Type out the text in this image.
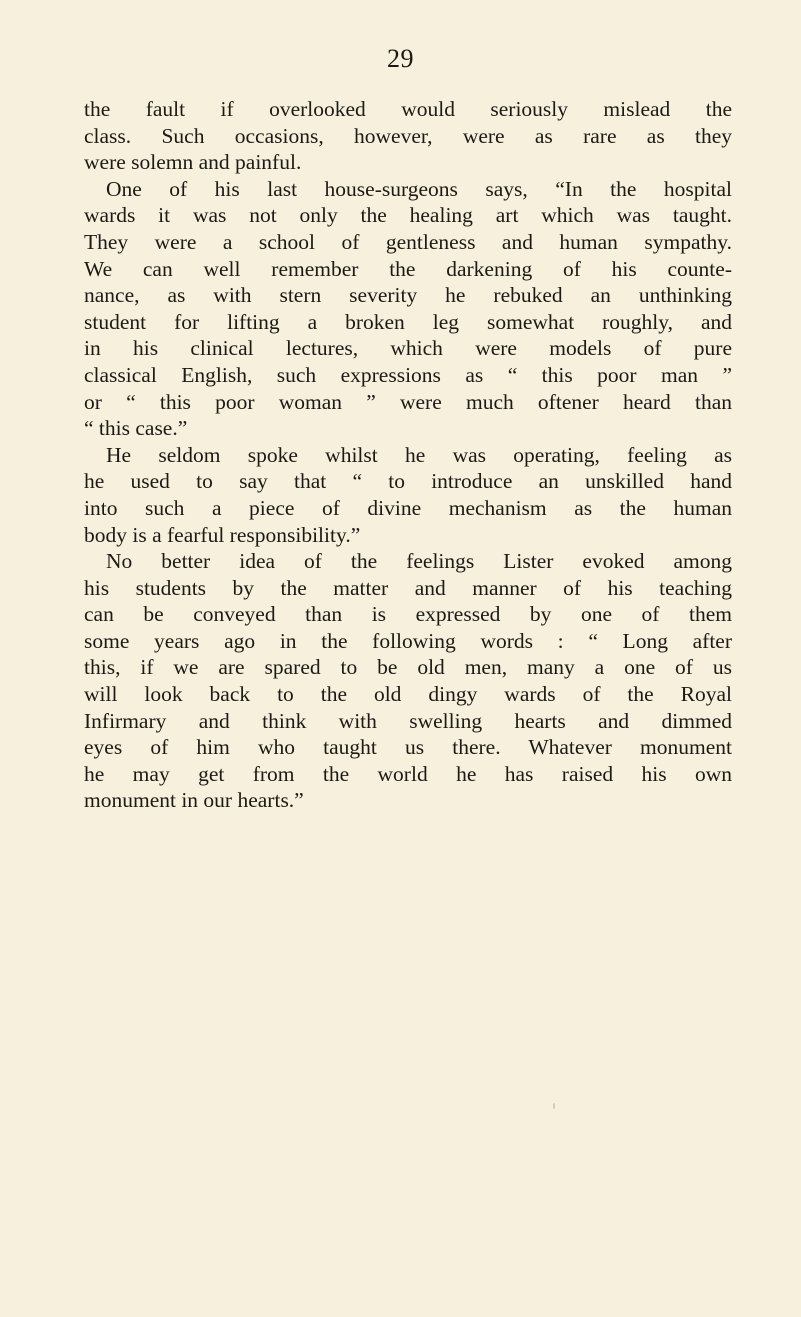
29
the fault if overlooked would seriously mislead the
class. Such occasions, however, were as rare as they
were solemn and painful.
One of his last house-surgeons says, “In the hospital
wards it was not only the healing art which was taught.
They were a school of gentleness and human sympathy.
We can well remember the darkening of his counte-
nance, as with stern severity he rebuked an unthinking
student for lifting a broken leg somewhat roughly, and
in his clinical lectures, which were models of pure
classical English, such expressions as “ this poor man ”
or “ this poor woman ” were much oftener heard than
“ this case.”
He seldom spoke whilst he was operating, feeling as
he used to say that “ to introduce an unskilled hand
into such a piece of divine mechanism as the human
body is a fearful responsibility.”
No better idea of the feelings Lister evoked among
his students by the matter and manner of his teaching
can be conveyed than is expressed by one of them
some years ago in the following words : “ Long after
this, if we are spared to be old men, many a one of us
will look back to the old dingy wards of the Royal
Infirmary and think with swelling hearts and dimmed
eyes of him who taught us there. Whatever monument
he may get from the world he has raised his own
monument in our hearts.”
